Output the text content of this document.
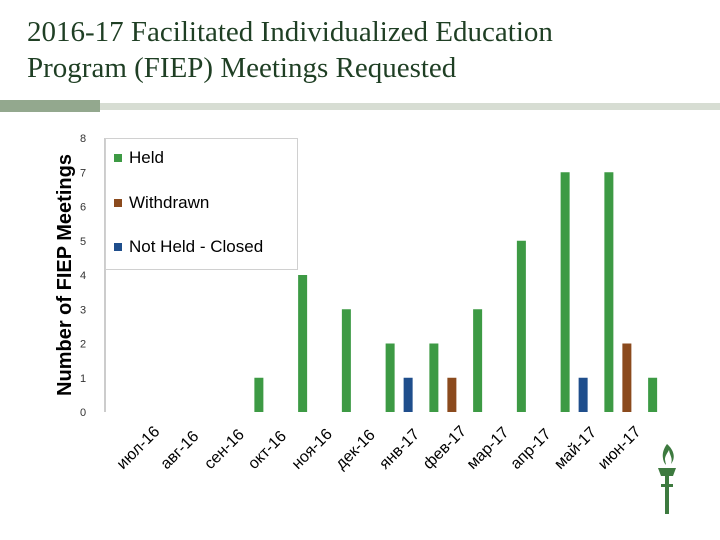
2016-17 Facilitated Individualized Education
Program (FIEP) Meetings Requested
0
1
2
3
4
5
6
7
8
Number of FIEP Meetings
июл-16
авг-16
сен-16
окт-16
ноя-16
дек-16
янв-17
фев-17
мар-17
апр-17
май-17
июн-17
Held
Withdrawn
Not Held - Closed
